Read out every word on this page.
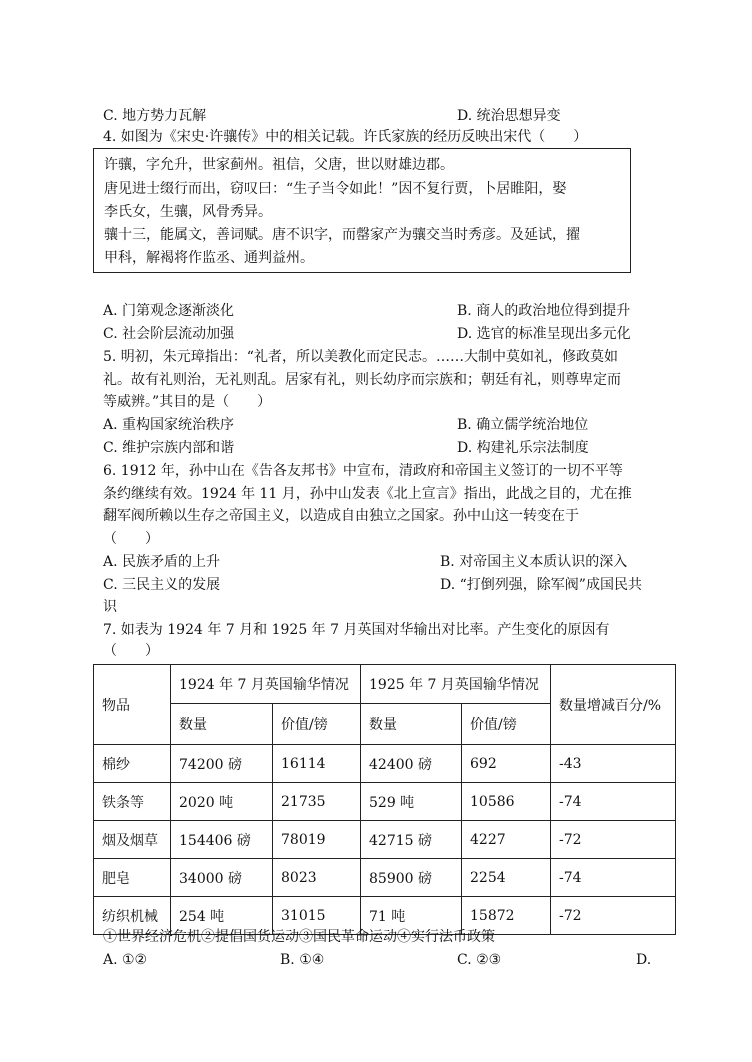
C. 地方势力瓦解	D. 统治思想异变
4. 如图为《宋史·许骧传》中的相关记载。许氏家族的经历反映出宋代（　　）
许骧，字允升，世家蓟州。祖信，父唐，世以财雄边郡。
唐见进士缀行而出，窃叹曰：“生子当令如此！”因不复行贾，卜居睢阳，娶
李氏女，生骧，风骨秀异。
骧十三，能属文，善词赋。唐不识字，而罄家产为骧交当时秀彦。及延试，擢
甲科，解褐将作监丞、通判益州。
A. 门第观念逐渐淡化	B. 商人的政治地位得到提升
C. 社会阶层流动加强	D. 选官的标准呈现出多元化
5. 明初，朱元璋指出：“礼者，所以美教化而定民志。……大制中莫如礼，修政莫如
礼。故有礼则治，无礼则乱。居家有礼，则长幼序而宗族和；朝廷有礼，则尊卑定而
等威辨。”其目的是（　　）
A. 重构国家统治秩序	B. 确立儒学统治地位
C. 维护宗族内部和谐	D. 构建礼乐宗法制度
6. 1912 年，孙中山在《告各友邦书》中宣布，清政府和帝国主义签订的一切不平等
条约继续有效。1924 年 11 月，孙中山发表《北上宣言》指出，此战之目的，尤在推
翻军阀所赖以生存之帝国主义，以造成自由独立之国家。孙中山这一转变在于
（　　）
A. 民族矛盾的上升	B. 对帝国主义本质认识的深入
C. 三民主义的发展	D. “打倒列强，除军阀”成国民共
识
7. 如表为 1924 年 7 月和 1925 年 7 月英国对华输出对比率。产生变化的原因有
（　　）
物品	1924 年 7 月英国输华情况		1925 年 7 月英国输华情况		数量增减百分/%
	数量	价值/镑	数量	价值/镑	
棉纱	74200 磅	16114	42400 磅	692	-43
铁条等	2020 吨	21735	529 吨	10586	-74
烟及烟草	154406 磅	78019	42715 磅	4227	-72
肥皂	34000 磅	8023	85900 磅	2254	-74
纺织机械	254 吨	31015	71 吨	15872	-72
①世界经济危机②提倡国货运动③国民革命运动④实行法币政策
A. ①②	B. ①④	C. ②③	D.
